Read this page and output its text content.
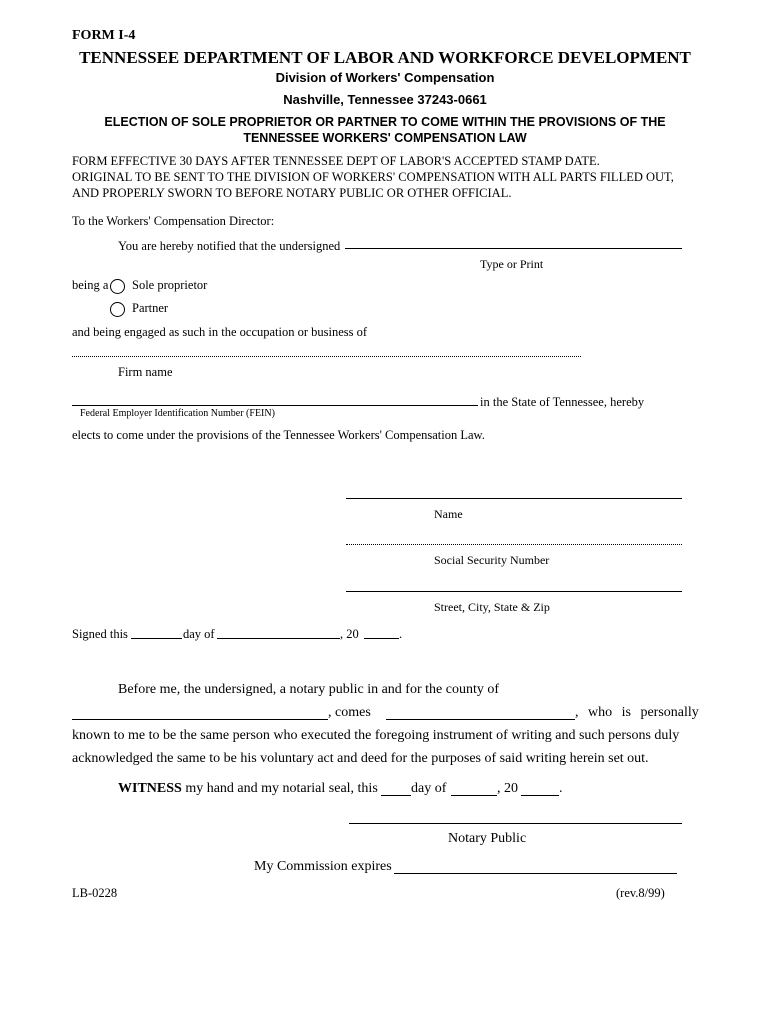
FORM I-4
TENNESSEE DEPARTMENT OF LABOR AND WORKFORCE DEVELOPMENT
Division of Workers' Compensation
Nashville, Tennessee 37243-0661
ELECTION OF SOLE PROPRIETOR OR PARTNER TO COME WITHIN THE PROVISIONS OF THE
TENNESSEE WORKERS' COMPENSATION LAW
FORM EFFECTIVE 30 DAYS AFTER TENNESSEE DEPT OF LABOR'S ACCEPTED STAMP DATE.
ORIGINAL TO BE SENT TO THE DIVISION OF WORKERS' COMPENSATION WITH ALL PARTS FILLED OUT,
AND PROPERLY SWORN TO BEFORE NOTARY PUBLIC OR OTHER OFFICIAL.
To the Workers' Compensation Director:
You are hereby notified that the undersigned
Type or Print
being a Sole proprietor
Partner
and being engaged as such in the occupation or business of
Firm name
in the State of Tennessee, hereby
Federal Employer Identification Number (FEIN)
elects to come under the provisions of the Tennessee Workers' Compensation Law.
Name
Social Security Number
Street, City, State & Zip
Signed this	day of	, 20	.
Before me, the undersigned, a notary public in and for the county of
, comes	, who is personally
known to me to be the same person who executed the foregoing instrument of writing and such persons duly
acknowledged the same to be his voluntary act and deed for the purposes of said writing herein set out.
WITNESS my hand and my notarial seal, this day of	, 20	.
Notary Public
My Commission expires
LB-0228	(rev.8/99)
